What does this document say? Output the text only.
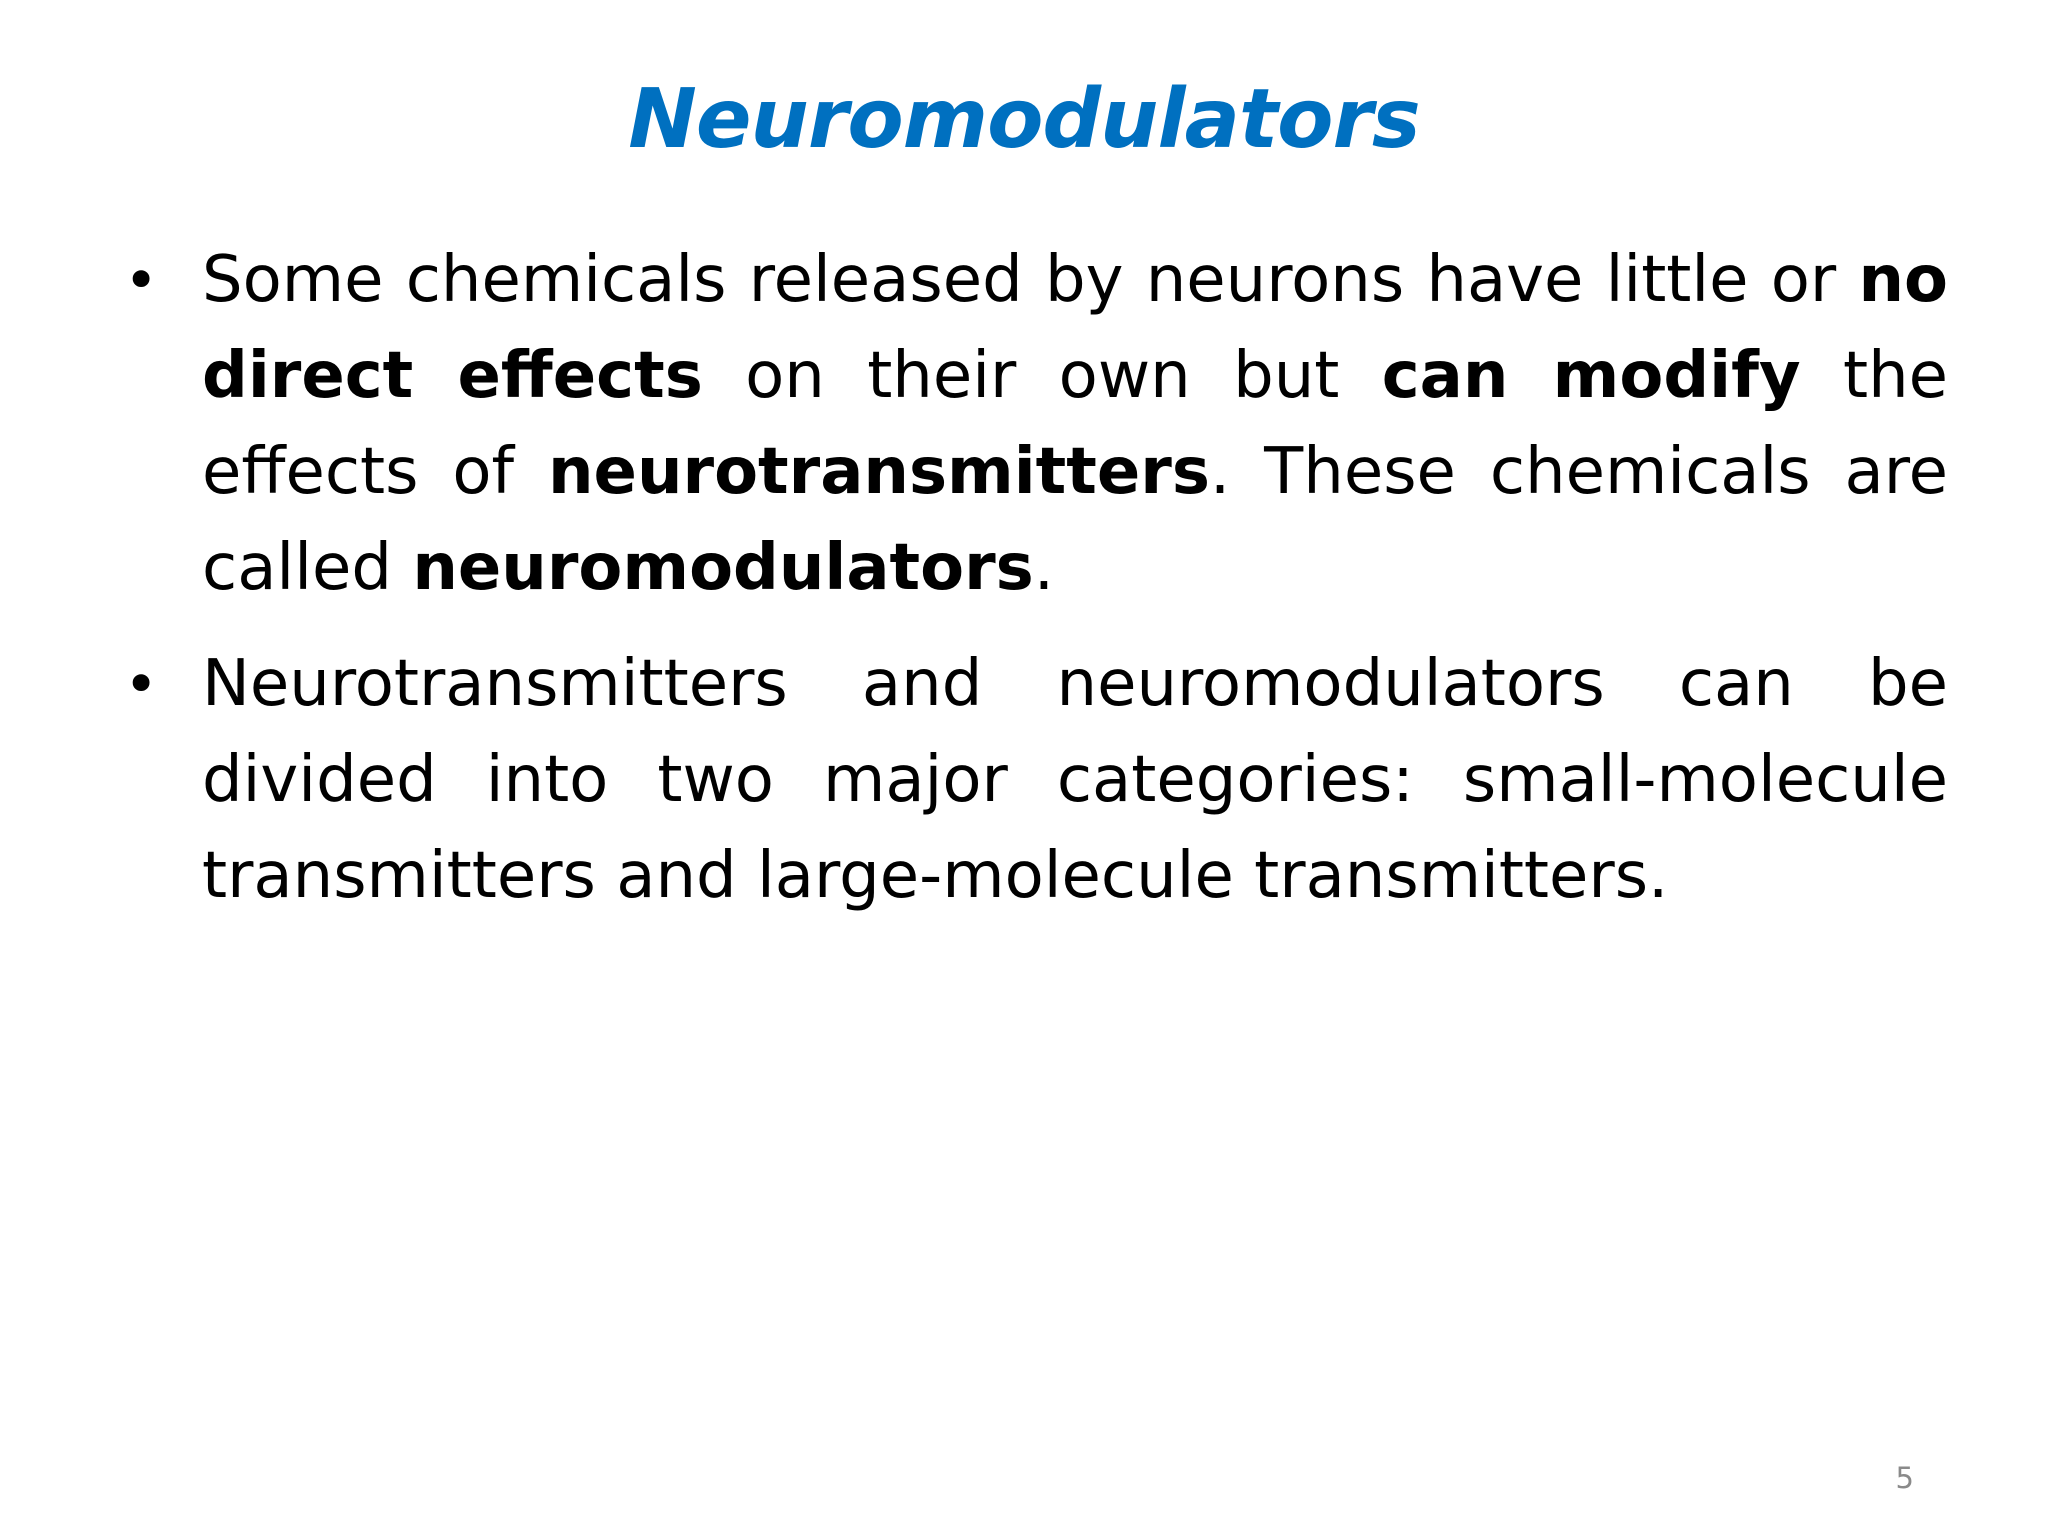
Neuromodulators
• Some chemicals released by neurons have little or no direct effects on their own but can modify the effects of neurotransmitters. These chemicals are called neuromodulators.
• Neurotransmitters and neuromodulators can be divided into two major categories: small-molecule transmitters and large-molecule transmitters.
5
